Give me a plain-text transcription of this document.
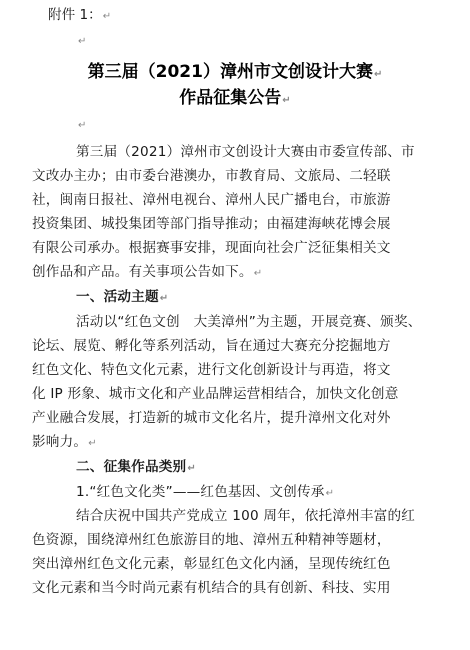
附件 1：↵
↵
第三届（2021）漳州市文创设计大赛↵
作品征集公告↵
↵
第三届（2021）漳州市文创设计大赛由市委宣传部、市
文改办主办；由市委台港澳办，市教育局、文旅局、二轻联
社，闽南日报社、漳州电视台、漳州人民广播电台，市旅游
投资集团、城投集团等部门指导推动；由福建海峡花博会展
有限公司承办。根据赛事安排，现面向社会广泛征集相关文
创作品和产品。有关事项公告如下。↵
一、活动主题↵
活动以“红色文创　大美漳州”为主题，开展竞赛、颁奖、
论坛、展览、孵化等系列活动，旨在通过大赛充分挖掘地方
红色文化、特色文化元素，进行文化创新设计与再造，将文
化 IP 形象、城市文化和产业品牌运营相结合，加快文化创意
产业融合发展，打造新的城市文化名片，提升漳州文化对外
影响力。↵
二、征集作品类别↵
1.“红色文化类”——红色基因、文创传承↵
结合庆祝中国共产党成立 100 周年，依托漳州丰富的红
色资源，围绕漳州红色旅游目的地、漳州五种精神等题材，
突出漳州红色文化元素，彰显红色文化内涵，呈现传统红色
文化元素和当今时尚元素有机结合的具有创新、科技、实用
